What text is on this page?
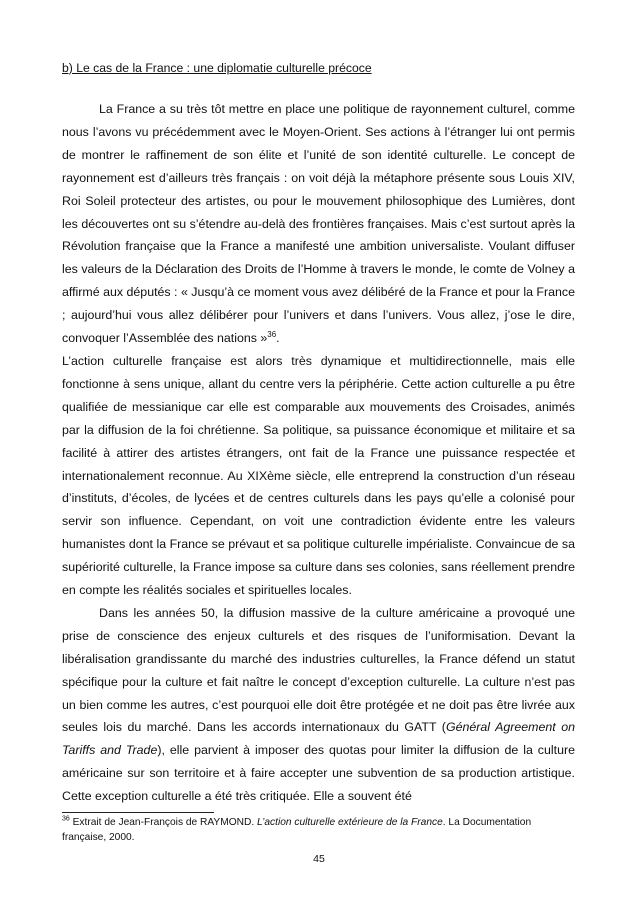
b) Le cas de la France : une diplomatie culturelle précoce

La France a su très tôt mettre en place une politique de rayonnement culturel, comme nous l’avons vu précédemment avec le Moyen-Orient. Ses actions à l’étranger lui ont permis de montrer le raffinement de son élite et l’unité de son identité culturelle. Le concept de rayonnement est d’ailleurs très français : on voit déjà la métaphore présente sous Louis XIV, Roi Soleil protecteur des artistes, ou pour le mouvement philosophique des Lumières, dont les découvertes ont su s’étendre au-delà des frontières françaises. Mais c’est surtout après la Révolution française que la France a manifesté une ambition universaliste. Voulant diffuser les valeurs de la Déclaration des Droits de l’Homme à travers le monde, le comte de Volney a affirmé aux députés : « Jusqu’à ce moment vous avez délibéré de la France et pour la France ; aujourd’hui vous allez délibérer pour l’univers et dans l’univers. Vous allez, j’ose le dire, convoquer l’Assemblée des nations »$^{36}$.

L’action culturelle française est alors très dynamique et multidirectionnelle, mais elle fonctionne à sens unique, allant du centre vers la périphérie. Cette action culturelle a pu être qualifiée de messianique car elle est comparable aux mouvements des Croisades, animés par la diffusion de la foi chrétienne. Sa politique, sa puissance économique et militaire et sa facilité à attirer des artistes étrangers, ont fait de la France une puissance respectée et internationalement reconnue. Au XIXème siècle, elle entreprend la construction d’un réseau d’instituts, d’écoles, de lycées et de centres culturels dans les pays qu’elle a colonisé pour servir son influence. Cependant, on voit une contradiction évidente entre les valeurs humanistes dont la France se prévaut et sa politique culturelle impérialiste. Convaincue de sa supériorité culturelle, la France impose sa culture dans ses colonies, sans réellement prendre en compte les réalités sociales et spirituelles locales.

Dans les années 50, la diffusion massive de la culture américaine a provoqué une prise de conscience des enjeux culturels et des risques de l’uniformisation. Devant la libéralisation grandissante du marché des industries culturelles, la France défend un statut spécifique pour la culture et fait naître le concept d’exception culturelle. La culture n’est pas un bien comme les autres, c’est pourquoi elle doit être protégée et ne doit pas être livrée aux seules lois du marché. Dans les accords internationaux du GATT (Général Agreement on Tariffs and Trade), elle parvient à imposer des quotas pour limiter la diffusion de la culture américaine sur son territoire et à faire accepter une subvention de sa production artistique. Cette exception culturelle a été très critiquée. Elle a souvent été

$^{36}$ Extrait de Jean-François de RAYMOND. L’action culturelle extérieure de la France. La Documentation française, 2000.

45
